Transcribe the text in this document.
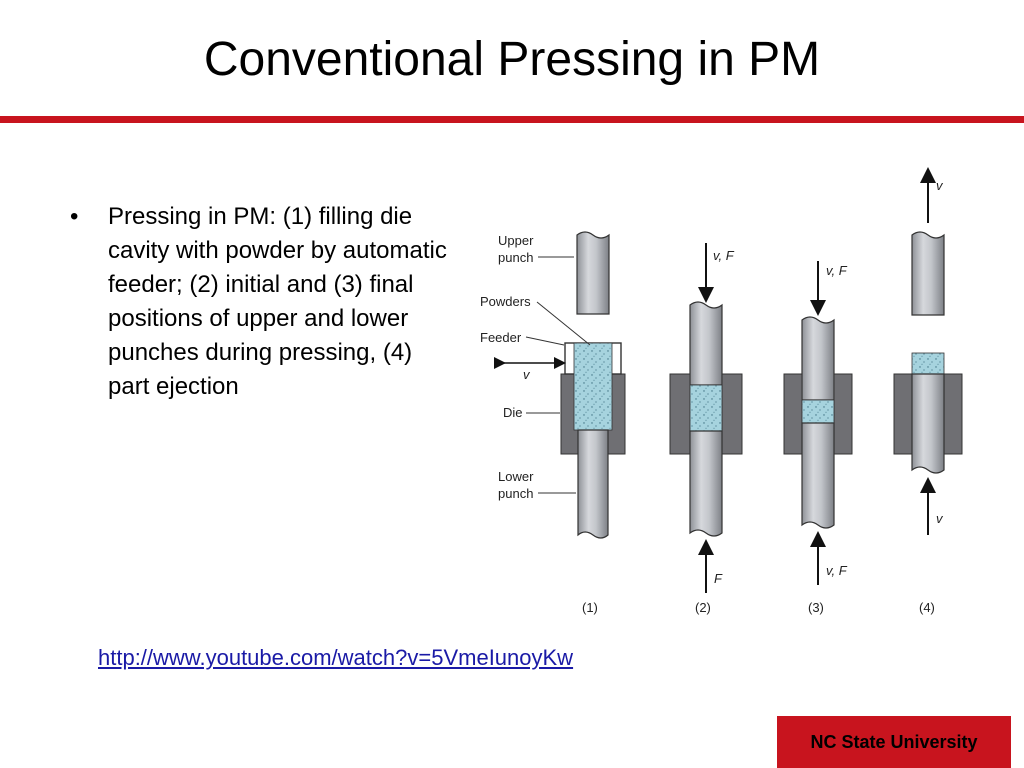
Conventional Pressing in PM
•	Pressing in PM: (1) filling die cavity with powder by automatic feeder; (2) initial and (3) final positions of upper and lower punches during pressing, (4) part ejection	v
Upper
punch
Powders
Feeder
Die
Lower
punch
(1)
v, F
F
(2)
v, F
v, F
(3)
v
v
(4)
http://www.youtube.com/watch?v=5VmeIunoyKw
NC State University
